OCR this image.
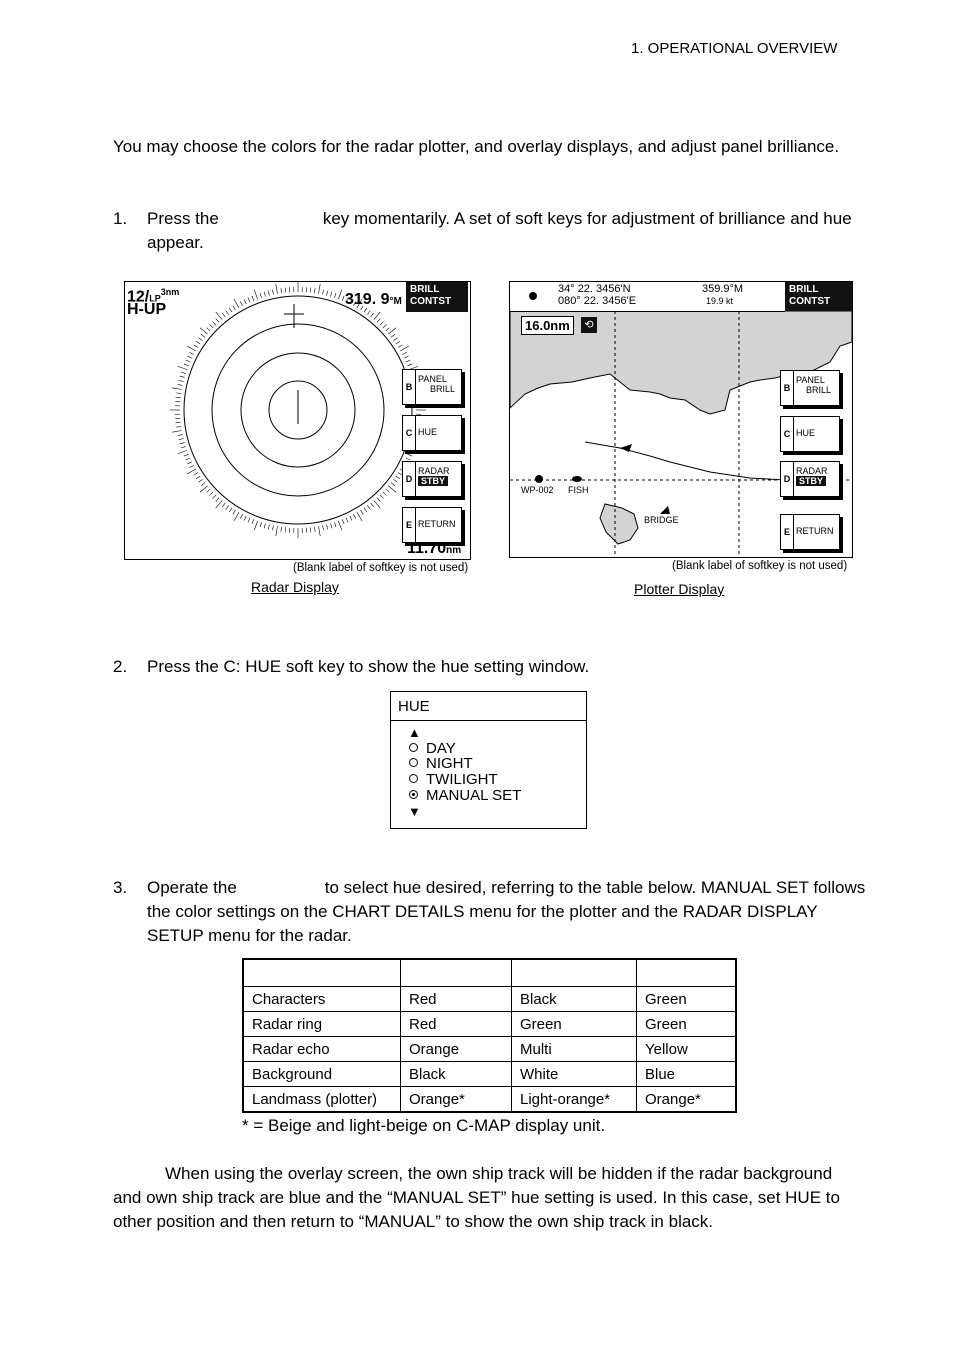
1. OPERATIONAL OVERVIEW
You may choose the colors for the radar plotter, and overlay displays, and adjust panel brilliance.
1. Press the	key momentarily. A set of soft keys for adjustment of brilliance and hue appear.
$12/LP^{3nm}$
H-UP
319. 9°M
BRILL
CONTST
B
PANEL
BRILL
C HUE
D
RADAR
STBY
E RETURN
11.70nm
(Blank label of softkey is not used)
Radar Display
34° 22. 3456'N
080° 22. 3456'E
359.9°M
19.9 kt
BRILL
CONTST
16.0nm	⟲
B
PANEL
BRILL
C HUE
D
RADAR
STBY
E RETURN
WP-002 FISH
BRIDGE
(Blank label of softkey is not used)
Plotter Display
2. Press the C: HUE soft key to show the hue setting window.
HUE
▲
DAY
NIGHT
TWILIGHT
MANUAL SET
▼
3. Operate the	to select hue desired, referring to the table below. MANUAL SET follows the color settings on the CHART DETAILS menu for the plotter and the RADAR DISPLAY SETUP menu for the radar.

Characters	Red	Black	Green
Radar ring	Red	Green	Green
Radar echo	Orange	Multi	Yellow
Background	Black	White	Blue
Landmass (plotter)	Orange*	Light-orange*	Orange*
* = Beige and light-beige on C-MAP display unit.
When using the overlay screen, the own ship track will be hidden if the radar background and own ship track are blue and the “MANUAL SET” hue setting is used. In this case, set HUE to other position and then return to “MANUAL” to show the own ship track in black.
